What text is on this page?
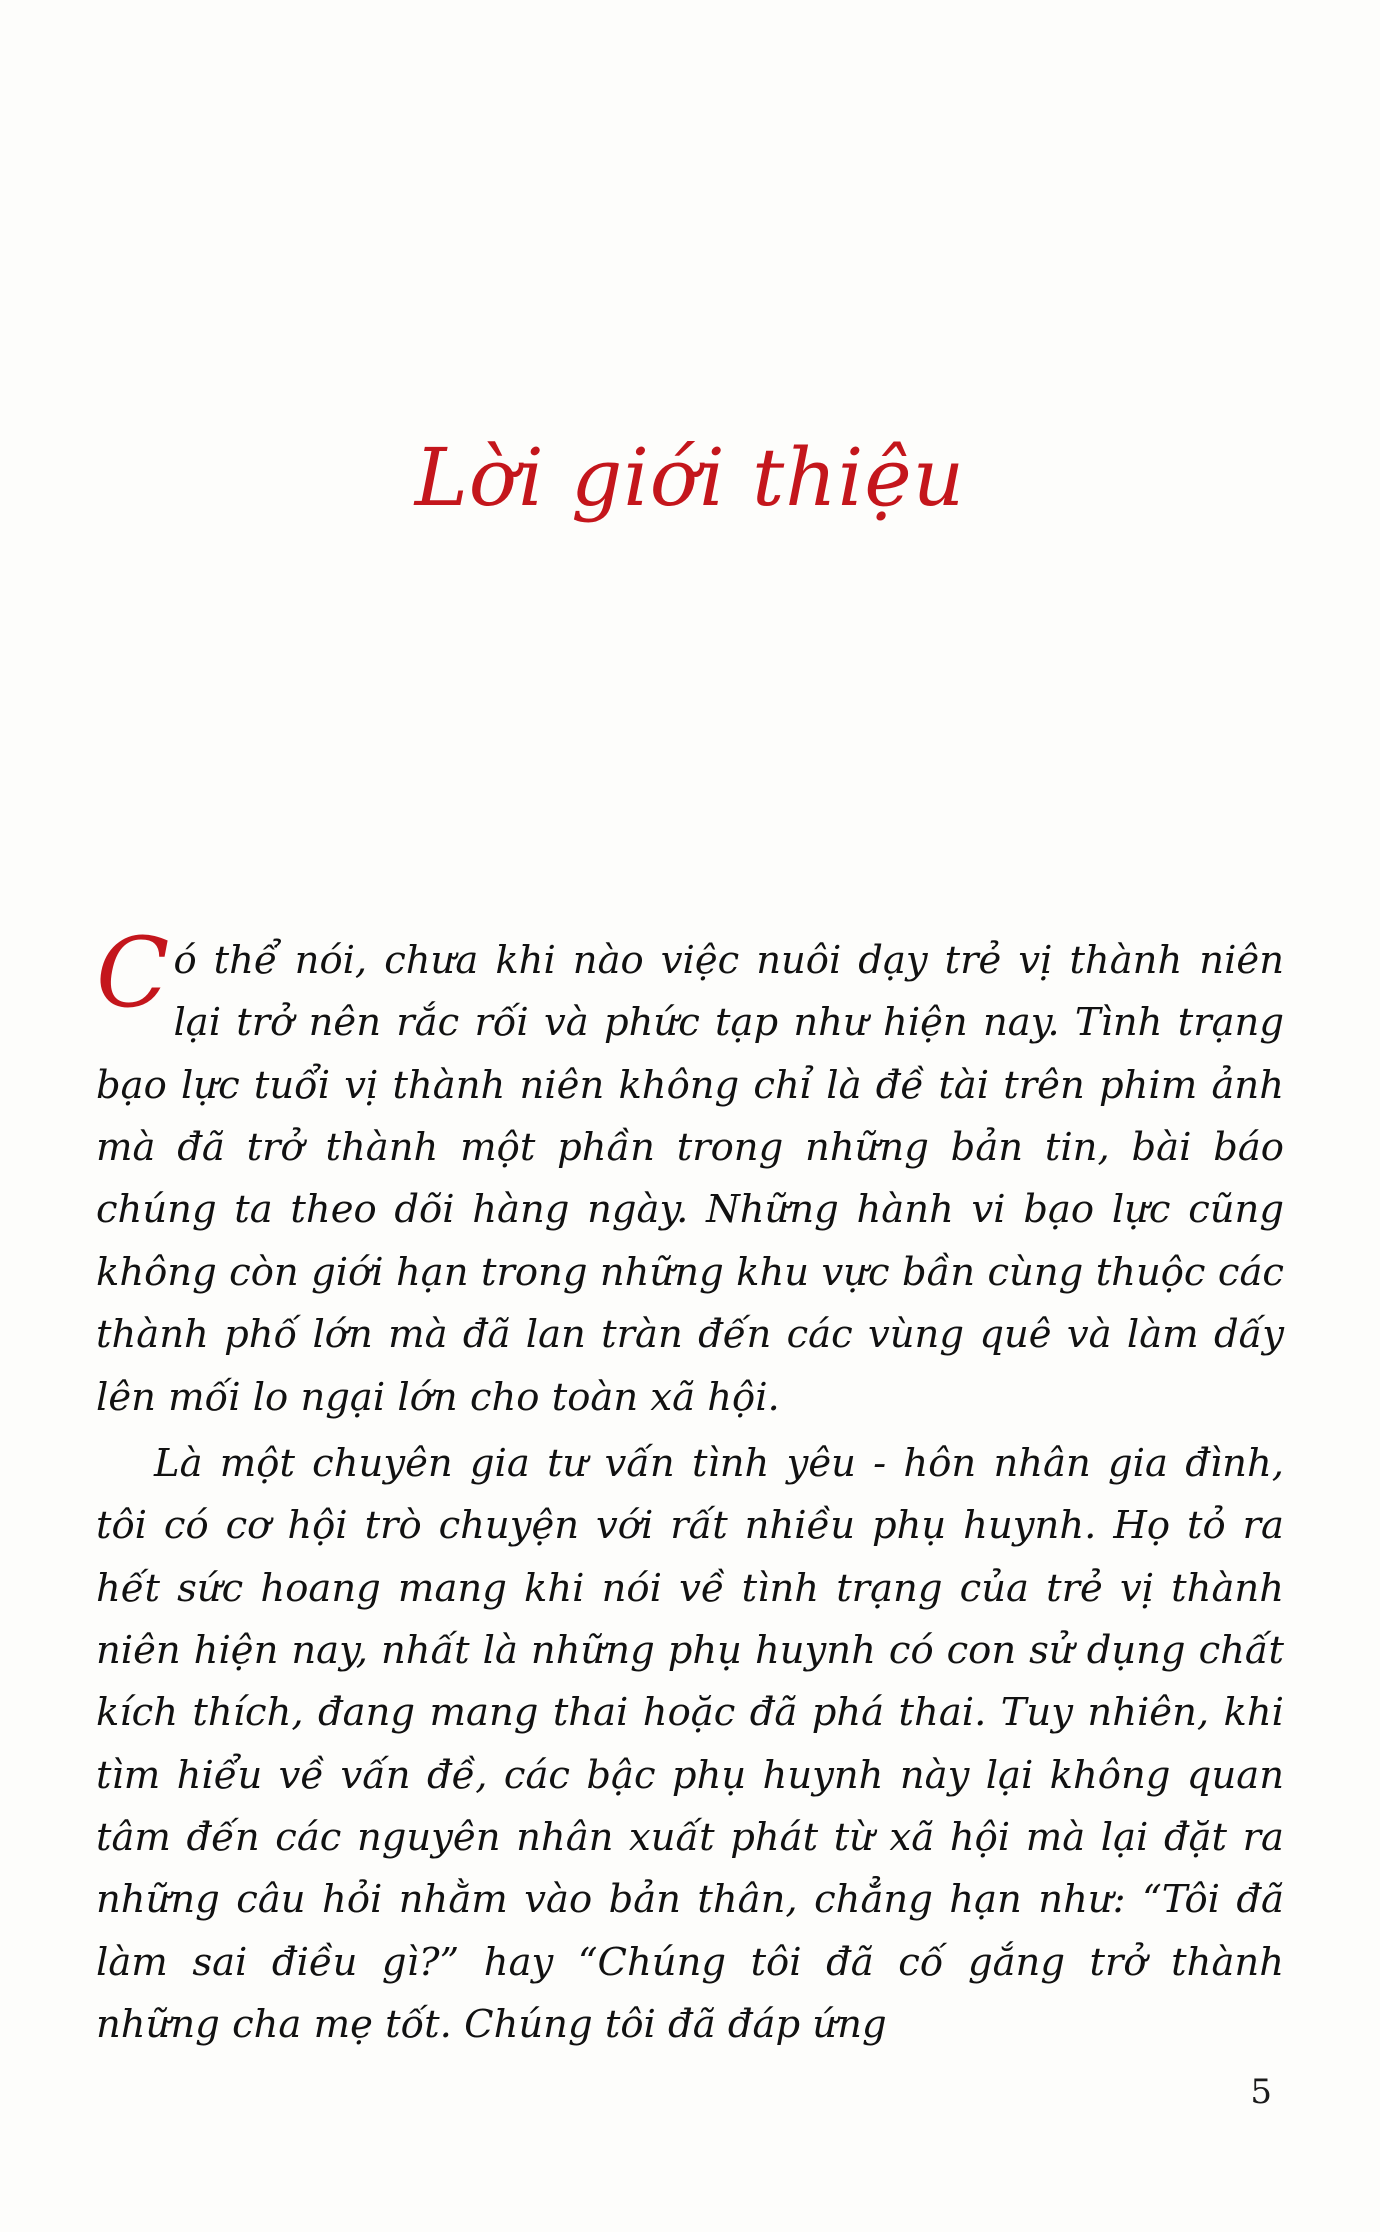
Lời giới thiệu

Có thể nói, chưa khi nào việc nuôi dạy trẻ vị thành niên lại trở nên rắc rối và phức tạp như hiện nay. Tình trạng bạo lực tuổi vị thành niên không chỉ là đề tài trên phim ảnh mà đã trở thành một phần trong những bản tin, bài báo chúng ta theo dõi hàng ngày. Những hành vi bạo lực cũng không còn giới hạn trong những khu vực bần cùng thuộc các thành phố lớn mà đã lan tràn đến các vùng quê và làm dấy lên mối lo ngại lớn cho toàn xã hội.

Là một chuyên gia tư vấn tình yêu - hôn nhân gia đình, tôi có cơ hội trò chuyện với rất nhiều phụ huynh. Họ tỏ ra hết sức hoang mang khi nói về tình trạng của trẻ vị thành niên hiện nay, nhất là những phụ huynh có con sử dụng chất kích thích, đang mang thai hoặc đã phá thai. Tuy nhiên, khi tìm hiểu về vấn đề, các bậc phụ huynh này lại không quan tâm đến các nguyên nhân xuất phát từ xã hội mà lại đặt ra những câu hỏi nhằm vào bản thân, chẳng hạn như: “Tôi đã làm sai điều gì?” hay “Chúng tôi đã cố gắng trở thành những cha mẹ tốt. Chúng tôi đã đáp ứng

5
